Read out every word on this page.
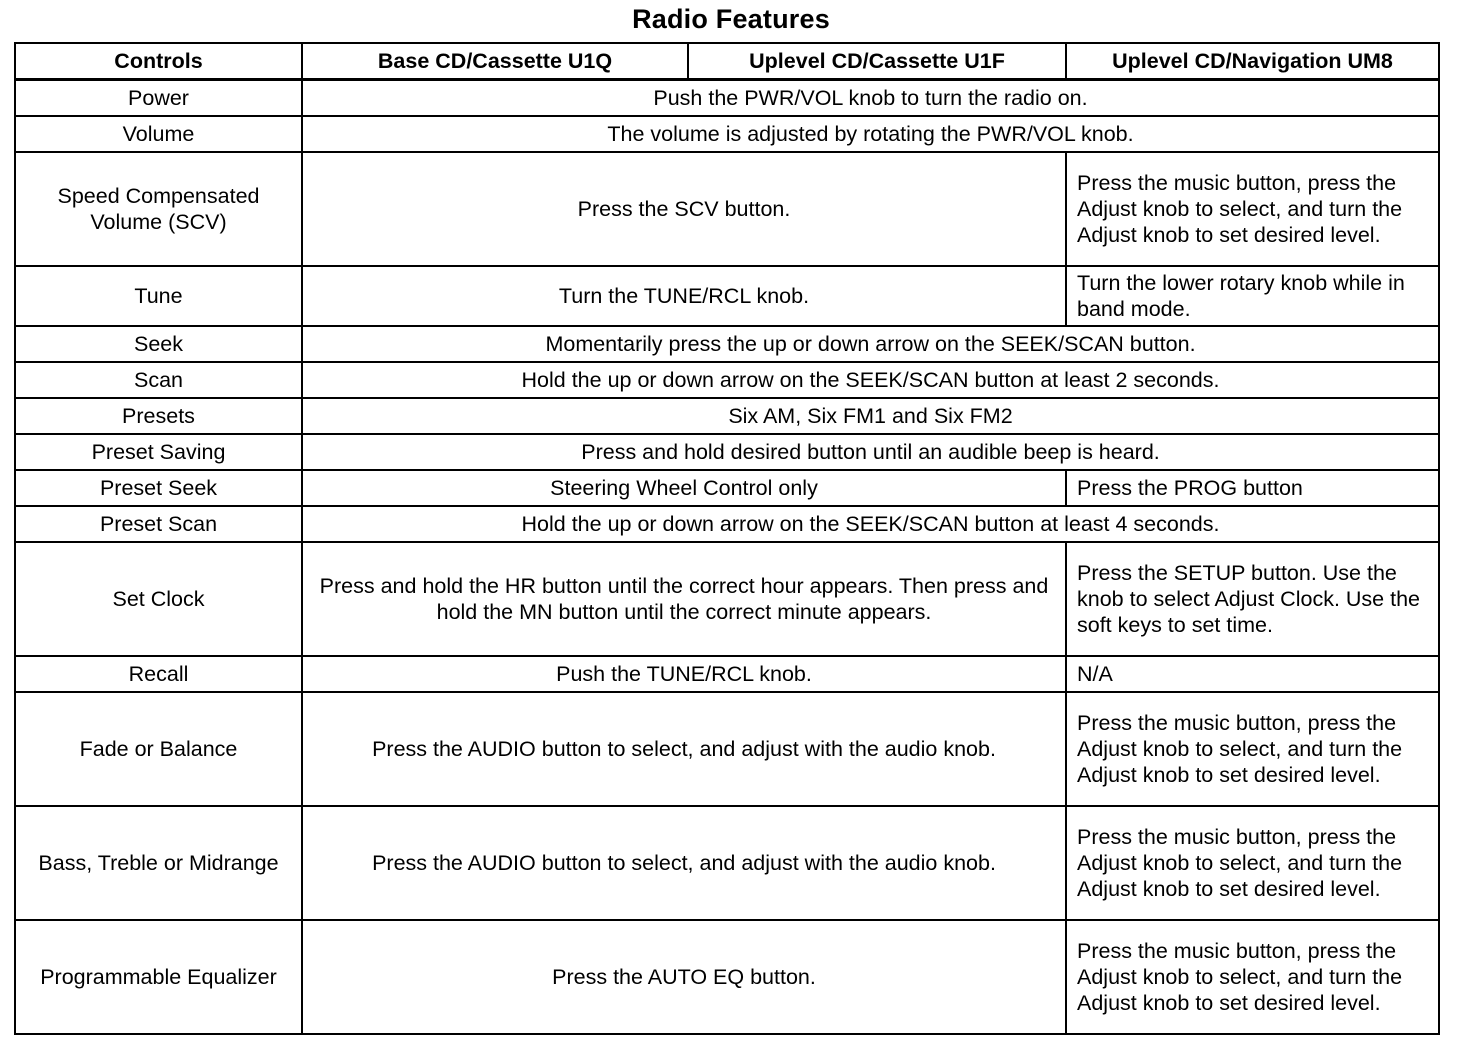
Radio Features
Controls	Base CD/Cassette U1Q	Uplevel CD/Cassette U1F	Uplevel CD/Navigation UM8
Power	Push the PWR/VOL knob to turn the radio on.		
Volume	The volume is adjusted by rotating the PWR/VOL knob.		
Speed Compensated Volume (SCV)	Press the SCV button.		Press the music button, press the Adjust knob to select, and turn the Adjust knob to set desired level.
Tune	Turn the TUNE/RCL knob.		Turn the lower rotary knob while in band mode.
Seek	Momentarily press the up or down arrow on the SEEK/SCAN button.		
Scan	Hold the up or down arrow on the SEEK/SCAN button at least 2 seconds.		
Presets	Six AM, Six FM1 and Six FM2		
Preset Saving	Press and hold desired button until an audible beep is heard.		
Preset Seek	Steering Wheel Control only		Press the PROG button
Preset Scan	Hold the up or down arrow on the SEEK/SCAN button at least 4 seconds.		
Set Clock	Press and hold the HR button until the correct hour appears. Then press and hold the MN button until the correct minute appears.		Press the SETUP button. Use the knob to select Adjust Clock. Use the soft keys to set time.
Recall	Push the TUNE/RCL knob.		N/A
Fade or Balance	Press the AUDIO button to select, and adjust with the audio knob.		Press the music button, press the Adjust knob to select, and turn the Adjust knob to set desired level.
Bass, Treble or Midrange	Press the AUDIO button to select, and adjust with the audio knob.		Press the music button, press the Adjust knob to select, and turn the Adjust knob to set desired level.
Programmable Equalizer	Press the AUTO EQ button.		Press the music button, press the Adjust knob to select, and turn the Adjust knob to set desired level.
